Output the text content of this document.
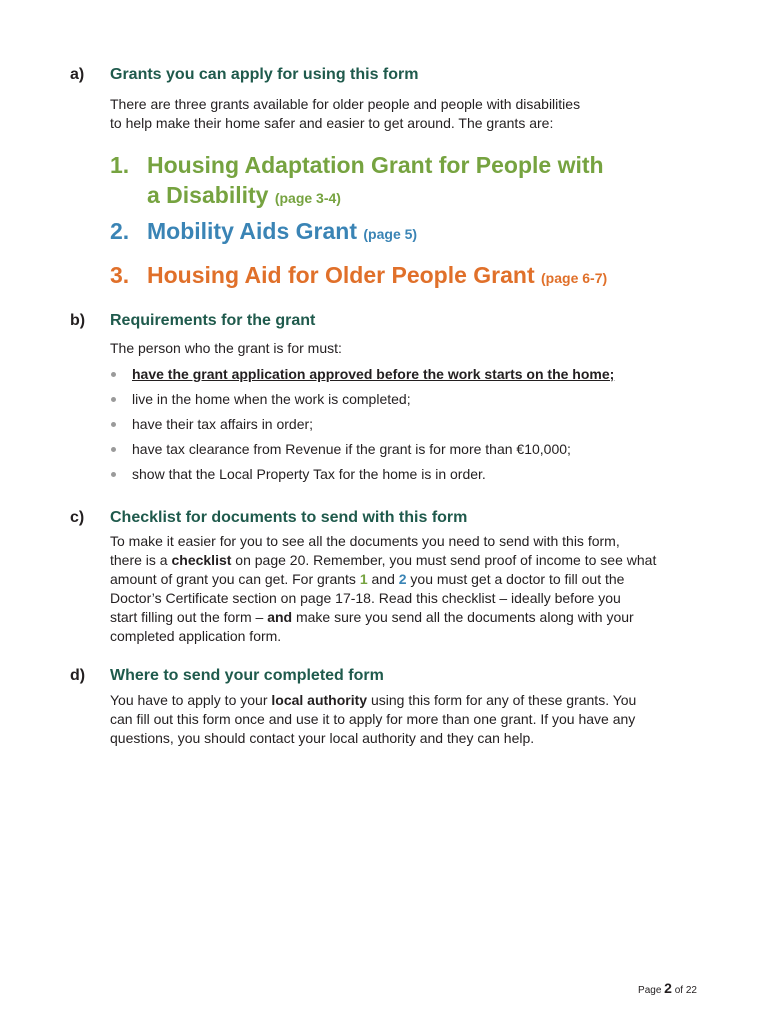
a) Grants you can apply for using this form

There are three grants available for older people and people with disabilities

to help make their home safer and easier to get around. The grants are:

1. Housing Adaptation Grant for People with
a Disability (page 3-4)
2. Mobility Aids Grant (page 5)
3. Housing Aid for Older People Grant (page 6-7)
b) Requirements for the grant

The person who the grant is for must:

have the grant application approved before the work starts on the home;
live in the home when the work is completed;
have their tax affairs in order;
have tax clearance from Revenue if the grant is for more than €10,000;
show that the Local Property Tax for the home is in order.
c) Checklist for documents to send with this form

To make it easier for you to see all the documents you need to send with this form,

there is a checklist on page 20. Remember, you must send proof of income to see what

amount of grant you can get. For grants 1 and 2 you must get a doctor to fill out the

Doctor’s Certificate section on page 17-18. Read this checklist – ideally before you

start filling out the form – and make sure you send all the documents along with your

completed application form.

d) Where to send your completed form

You have to apply to your local authority using this form for any of these grants. You

can fill out this form once and use it to apply for more than one grant. If you have any

questions, you should contact your local authority and they can help.

Page 2 of 22
